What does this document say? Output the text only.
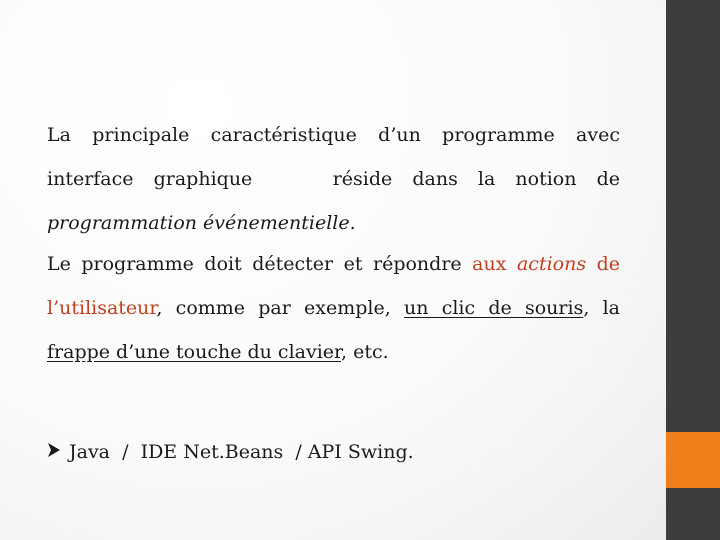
La principale caractéristique d’un programme avec
interface graphique	réside dans la notion de
programmation événementielle.
Le programme doit détecter et répondre aux actions de
l’utilisateur, comme par exemple, un clic de souris, la
frappe d’une touche du clavier, etc.
Java  /  IDE Net.Beans  / API Swing.
